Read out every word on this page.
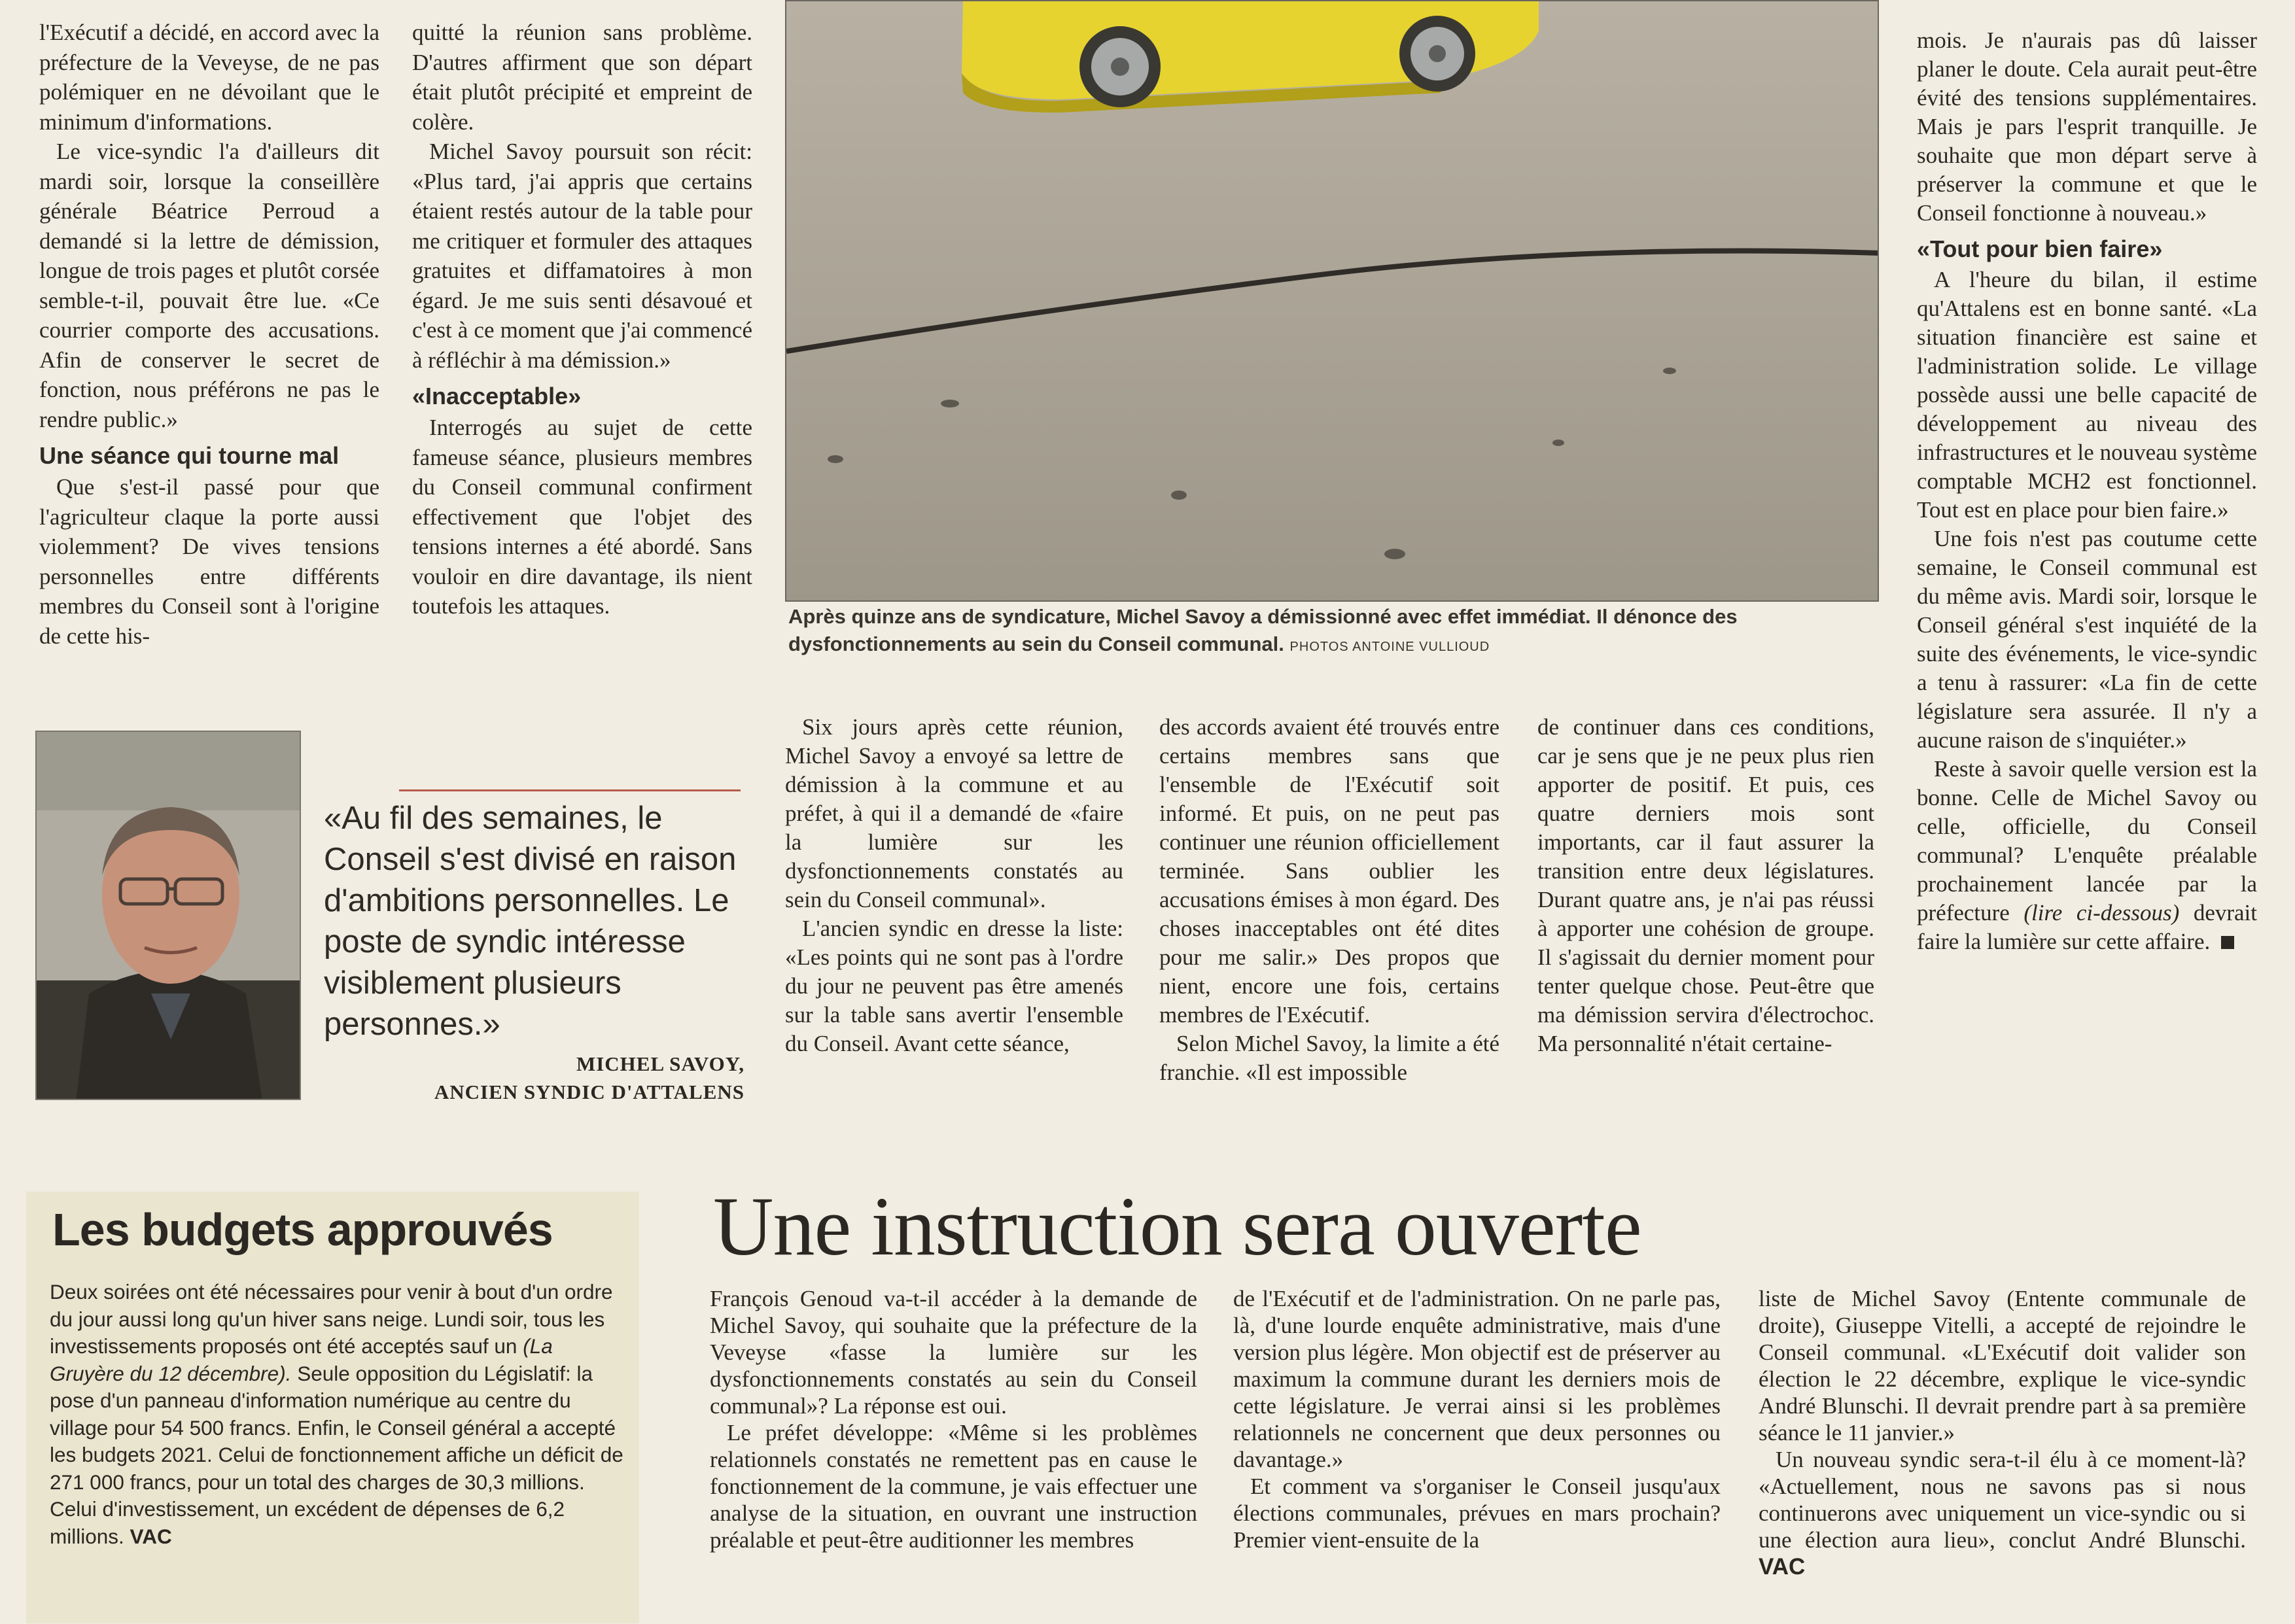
l'Exécutif a décidé, en accord avec la préfecture de la Veveyse, de ne pas polémiquer en ne dévoilant que le minimum d'informations.

Le vice-syndic l'a d'ailleurs dit mardi soir, lorsque la conseillère générale Béatrice Perroud a demandé si la lettre de démission, longue de trois pages et plutôt corsée semble-t-il, pouvait être lue. «Ce courrier comporte des accusations. Afin de conserver le secret de fonction, nous préférons ne pas le rendre public.»

Une séance qui tourne mal

Que s'est-il passé pour que l'agriculteur claque la porte aussi violemment? De vives tensions personnelles entre différents membres du Conseil sont à l'origine de cette his-

quitté la réunion sans problème. D'autres affirment que son départ était plutôt précipité et empreint de colère.

Michel Savoy poursuit son récit: «Plus tard, j'ai appris que certains étaient restés autour de la table pour me critiquer et formuler des attaques gratuites et diffamatoires à mon égard. Je me suis senti désavoué et c'est à ce moment que j'ai commencé à réfléchir à ma démission.»

«Inacceptable»

Interrogés au sujet de cette fameuse séance, plusieurs membres du Conseil communal confirment effectivement que l'objet des tensions internes a été abordé. Sans vouloir en dire davantage, ils nient toutefois les attaques.	Après quinze ans de syndicature, Michel Savoy a démissionné avec effet immédiat. Il dénonce des dysfonctionnements au sein du Conseil communal. PHOTOS ANTOINE VULLIOUD
«Au fil des semaines, le Conseil s'est divisé en raison d'ambitions personnelles. Le poste de syndic intéresse visiblement plusieurs personnes.»
MICHEL SAVOY,
ANCIEN SYNDIC D'ATTALENS

Six jours après cette réunion, Michel Savoy a envoyé sa lettre de démission à la commune et au préfet, à qui il a demandé de «faire la lumière sur les dysfonctionnements constatés au sein du Conseil communal».

L'ancien syndic en dresse la liste: «Les points qui ne sont pas à l'ordre du jour ne peuvent pas être amenés sur la table sans avertir l'ensemble du Conseil. Avant cette séance,

des accords avaient été trouvés entre certains membres sans que l'ensemble de l'Exécutif soit informé. Et puis, on ne peut pas continuer une réunion officiellement terminée. Sans oublier les accusations émises à mon égard. Des choses inacceptables ont été dites pour me salir.» Des propos que nient, encore une fois, certains membres de l'Exécutif.

Selon Michel Savoy, la limite a été franchie. «Il est impossible

de continuer dans ces conditions, car je sens que je ne peux plus rien apporter de positif. Et puis, ces quatre derniers mois sont importants, car il faut assurer la transition entre deux législatures. Durant quatre ans, je n'ai pas réussi à apporter une cohésion de groupe. Il s'agissait du dernier moment pour tenter quelque chose. Peut-être que ma démission servira d'électrochoc. Ma personnalité n'était certaine-

mois. Je n'aurais pas dû laisser planer le doute. Cela aurait peut-être évité des tensions supplémentaires. Mais je pars l'esprit tranquille. Je souhaite que mon départ serve à préserver la commune et que le Conseil fonctionne à nouveau.»

«Tout pour bien faire»

A l'heure du bilan, il estime qu'Attalens est en bonne santé. «La situation financière est saine et l'administration solide. Le village possède aussi une belle capacité de développement au niveau des infrastructures et le nouveau système comptable MCH2 est fonctionnel. Tout est en place pour bien faire.»

Une fois n'est pas coutume cette semaine, le Conseil communal est du même avis. Mardi soir, lorsque le Conseil général s'est inquiété de la suite des événements, le vice-syndic a tenu à rassurer: «La fin de cette législature sera assurée. Il n'y a aucune raison de s'inquiéter.»

Reste à savoir quelle version est la bonne. Celle de Michel Savoy ou celle, officielle, du Conseil communal? L'enquête préalable prochainement lancée par la préfecture (lire ci-dessous) devrait faire la lumière sur cette affaire.

Les budgets approuvés
Deux soirées ont été nécessaires pour venir à bout d'un ordre du jour aussi long qu'un hiver sans neige. Lundi soir, tous les investissements proposés ont été acceptés sauf un (La Gruyère du 12 décembre). Seule opposition du Législatif: la pose d'un panneau d'information numérique au centre du village pour 54 500 francs. Enfin, le Conseil général a accepté les budgets 2021. Celui de fonctionnement affiche un déficit de 271 000 francs, pour un total des charges de 30,3 millions. Celui d'investissement, un excédent de dépenses de 6,2 millions. VAC
Une instruction sera ouverte

François Genoud va-t-il accéder à la demande de Michel Savoy, qui souhaite que la préfecture de la Veveyse «fasse la lumière sur les dysfonctionnements constatés au sein du Conseil communal»? La réponse est oui.

Le préfet développe: «Même si les problèmes relationnels constatés ne remettent pas en cause le fonctionnement de la commune, je vais effectuer une analyse de la situation, en ouvrant une instruction préalable et peut-être auditionner les membres

de l'Exécutif et de l'administration. On ne parle pas, là, d'une lourde enquête administrative, mais d'une version plus légère. Mon objectif est de préserver au maximum la commune durant les derniers mois de cette législature. Je verrai ainsi si les problèmes relationnels ne concernent que deux personnes ou davantage.»

Et comment va s'organiser le Conseil jusqu'aux élections communales, prévues en mars prochain? Premier vient-ensuite de la

liste de Michel Savoy (Entente communale de droite), Giuseppe Vitelli, a accepté de rejoindre le Conseil communal. «L'Exécutif doit valider son élection le 22 décembre, explique le vice-syndic André Blunschi. Il devrait prendre part à sa première séance le 11 janvier.»

Un nouveau syndic sera-t-il élu à ce moment-là? «Actuellement, nous ne savons pas si nous continuerons avec uniquement un vice-syndic ou si une élection aura lieu», conclut André Blunschi. VAC
